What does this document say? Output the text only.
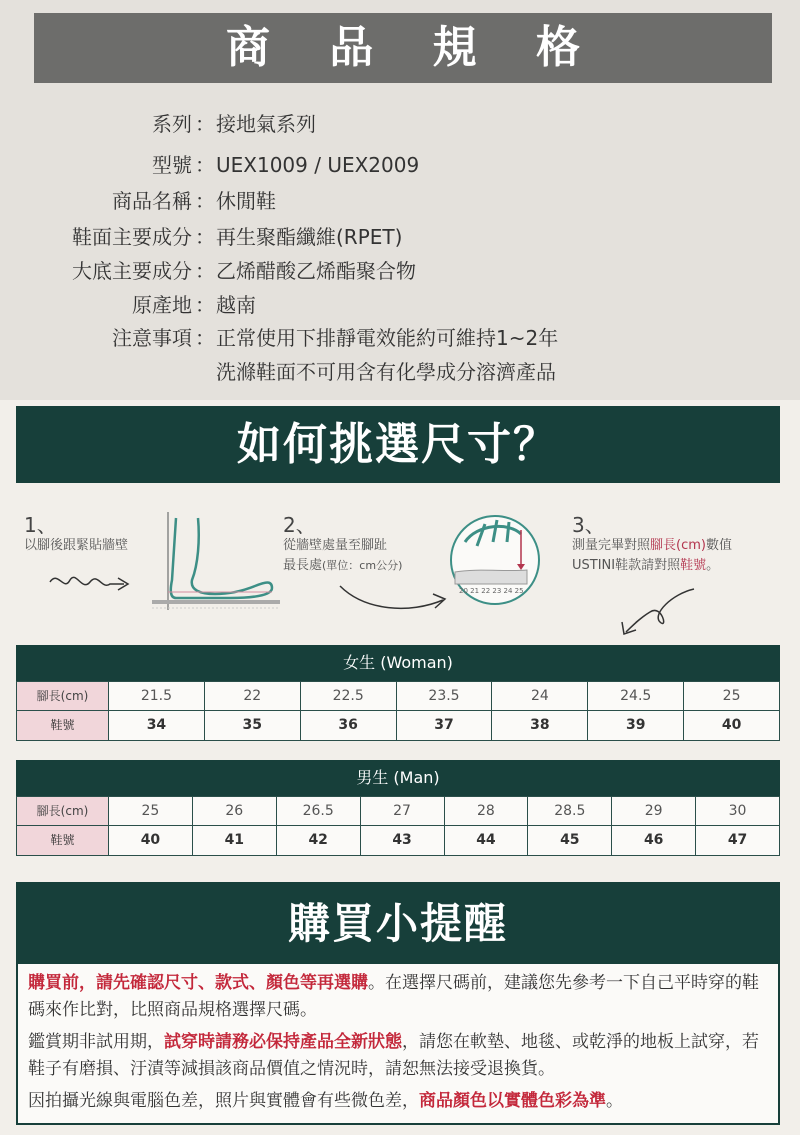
商 品 規 格
系列 ： 接地氣系列
型號 ： UEX1009 / UEX2009
商品名稱 ： 休閒鞋
鞋面主要成分 ： 再生聚酯纖維(RPET)
大底主要成分 ： 乙烯醋酸乙烯酯聚合物
原產地 ： 越南
注意事項 ： 正常使用下排靜電效能約可維持1~2年
洗滌鞋面不可用含有化學成分溶濟產品
如何挑選尺寸？
1、
以腳後跟緊貼牆壁
2、
從牆壁處量至腳趾
最長處(單位：cm公分)
20 21 22 23 24 25
3、
測量完畢對照腳長(cm)數值
USTINI鞋款請對照鞋號。
女生 (Woman)
腳長(cm)	21.5	22	22.5	23.5	24	24.5	25
鞋號	34	35	36	37	38	39	40
男生 (Man)
腳長(cm)	25	26	26.5	27	28	28.5	29	30
鞋號	40	41	42	43	44	45	46	47
購買小提醒

購買前，請先確認尺寸、款式、顏色等再選購。在選擇尺碼前，建議您先參考一下自己平時穿的鞋碼來作比對，比照商品規格選擇尺碼。

鑑賞期非試用期，試穿時請務必保持產品全新狀態，請您在軟墊、地毯、或乾淨的地板上試穿，若鞋子有磨損、汙漬等減損該商品價值之情況時，請恕無法接受退換貨。

因拍攝光線與電腦色差，照片與實體會有些微色差，商品顏色以實體色彩為準。
